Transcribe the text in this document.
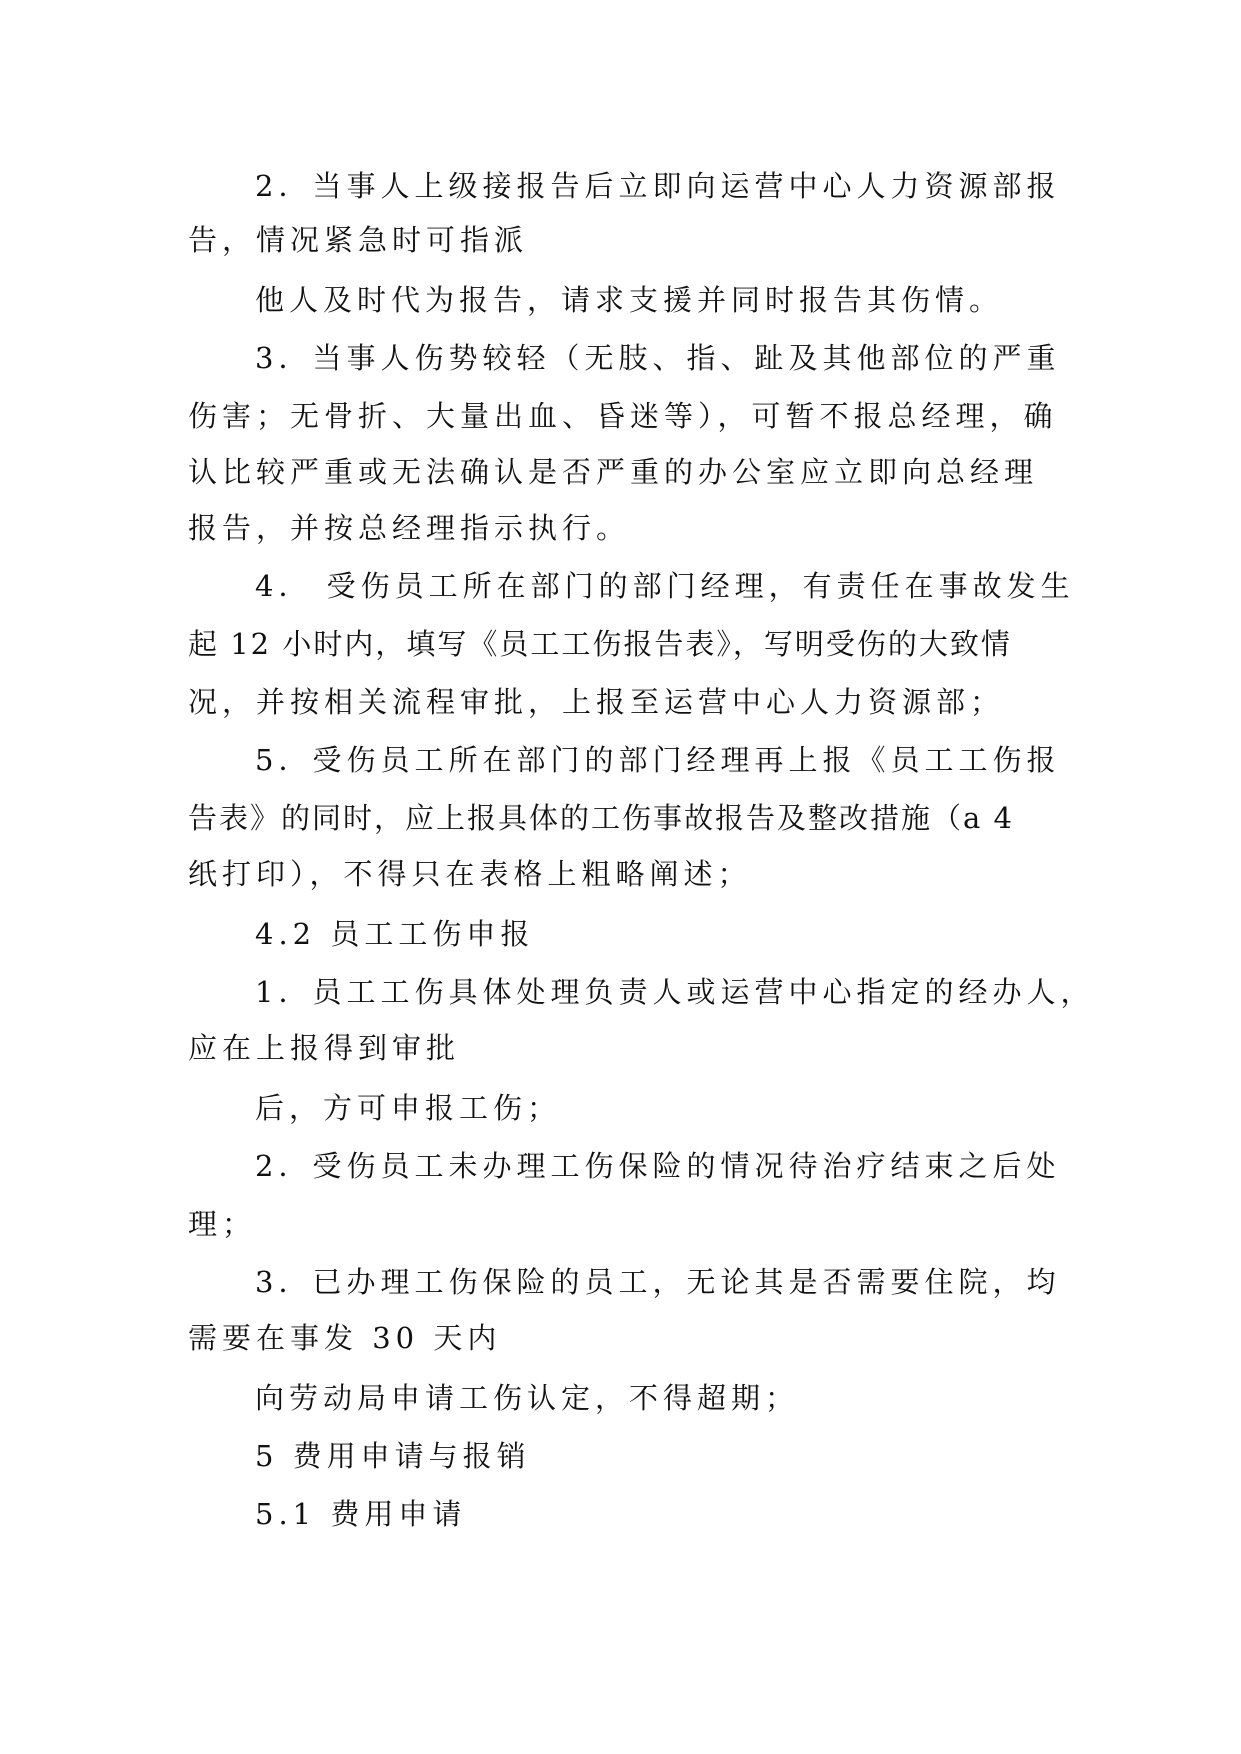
2．当事人上级接报告后立即向运营中心人力资源部报
告，情况紧急时可指派
他人及时代为报告，请求支援并同时报告其伤情。
3．当事人伤势较轻（无肢、指、趾及其他部位的严重
伤害；无骨折、大量出血、昏迷等），可暂不报总经理，确
认比较严重或无法确认是否严重的办公室应立即向总经理
报告，并按总经理指示执行。
4． 受伤员工所在部门的部门经理，有责任在事故发生
起 12 小时内，填写《员工工伤报告表》，写明受伤的大致情
况，并按相关流程审批，上报至运营中心人力资源部；
5．受伤员工所在部门的部门经理再上报《员工工伤报
告表》的同时，应上报具体的工伤事故报告及整改措施（a 4
纸打印），不得只在表格上粗略阐述；
4.2 员工工伤申报
1．员工工伤具体处理负责人或运营中心指定的经办人，
应在上报得到审批
后，方可申报工伤；
2．受伤员工未办理工伤保险的情况待治疗结束之后处
理；
3．已办理工伤保险的员工，无论其是否需要住院，均
需要在事发 30 天内
向劳动局申请工伤认定，不得超期；
5 费用申请与报销
5.1 费用申请
